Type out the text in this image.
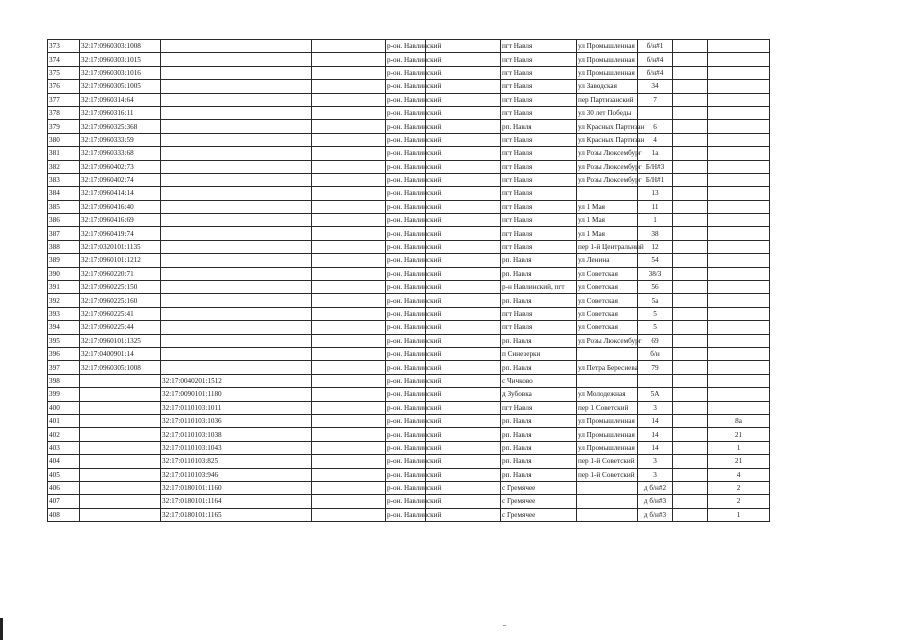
373	32:17:0960303:1008			р-он. Навлинский		пгт Навля	ул Промышленная	б/н#1		
374	32:17:0960303:1015			р-он. Навлинский		пгт Навля	ул Промышленная	б/н#4		
375	32:17:0960303:1016			р-он. Навлинский		пгт Навля	ул Промышленная	б/н#4		
376	32:17:0960305:1005			р-он. Навлинский		пгт Навля	ул Заводская	34		
377	32:17:0960314:64			р-он. Навлинский		пгт Навля	пер Партизанский	7		
378	32:17:0960316:11			р-он. Навлинский		пгт Навля	ул 30 лет Победы			
379	32:17:0960325:368			р-он. Навлинский		рп. Навля	ул Красных Партизан	6		
380	32:17:0960333:59			р-он. Навлинский		пгт Навля	ул Красных Партизан	4		
381	32:17:0960333:68			р-он. Навлинский		пгт Навля	ул Розы Люксембург	1а		
382	32:17:0960402:73			р-он. Навлинский		пгт Навля	ул Розы Люксембург	Б/Н#3		
383	32:17:0960402:74			р-он. Навлинский		пгт Навля	ул Розы Люксембург	Б/Н#1		
384	32:17:0960414:14			р-он. Навлинский		пгт Навля		13		
385	32:17:0960416:40			р-он. Навлинский		пгт Навля	ул 1 Мая	11		
386	32:17:0960416:69			р-он. Навлинский		пгт Навля	ул 1 Мая	1		
387	32:17:0960419:74			р-он. Навлинский		пгт Навля	ул 1 Мая	38		
388	32:17:0320101:1135			р-он. Навлинский		пгт Навля	пер 1-й Центральный	12		
389	32:17:0960101:1212			р-он. Навлинский		рп. Навля	ул Ленина	54		
390	32:17:0960220:71			р-он. Навлинский		рп. Навля	ул Советская	38/3		
391	32:17:0960225:150			р-он. Навлинский		р-н Навлинский, пгт	ул Советская	56		
392	32:17:0960225:160			р-он. Навлинский		рп. Навля	ул Советская	5а		
393	32:17:0960225:41			р-он. Навлинский		пгт Навля	ул Советская	5		
394	32:17:0960225:44			р-он. Навлинский		пгт Навля	ул Советская	5		
395	32:17:0960101:1325			р-он. Навлинский		рп. Навля	ул Розы Люксембург	69		
396	32:17:0400901:14			р-он. Навлинский		п Синезерки		б/н		
397	32:17:0960305:1008			р-он. Навлинский		рп. Навля	ул Петра Бересиева	79		
398		32:17:0040201:1512		р-он. Навлинский		с Чичково				
399		32:17:0090101:1180		р-он. Навлинский		д Зубовка	ул Молодежная	5А		
400		32:17:0110103:1011		р-он. Навлинский		пгт Навля	пер 1 Советский	3		
401		32:17:0110103:1036		р-он. Навлинский		рп. Навля	ул Промышленная	14		8а
402		32:17:0110103:1038		р-он. Навлинский		рп. Навля	ул Промышленная	14		21
403		32:17:0110103:1043		р-он. Навлинский		рп. Навля	ул Промышленная	14		1
404		32:17:0110103:825		р-он. Навлинский		рп. Навля	пер 1-й Советский	3		21
405		32:17:0110103:946		р-он. Навлинский		рп. Навля	пер 1-й Советский	3		4
406		32:17:0180101:1160		р-он. Навлинский		с Гремячее		д б/н#2		2
407		32:17:0180101:1164		р-он. Навлинский		с Гремячее		д б/н#3		2
408		32:17:0180101:1165		р-он. Навлинский		с Гремячее		д б/н#3		1
